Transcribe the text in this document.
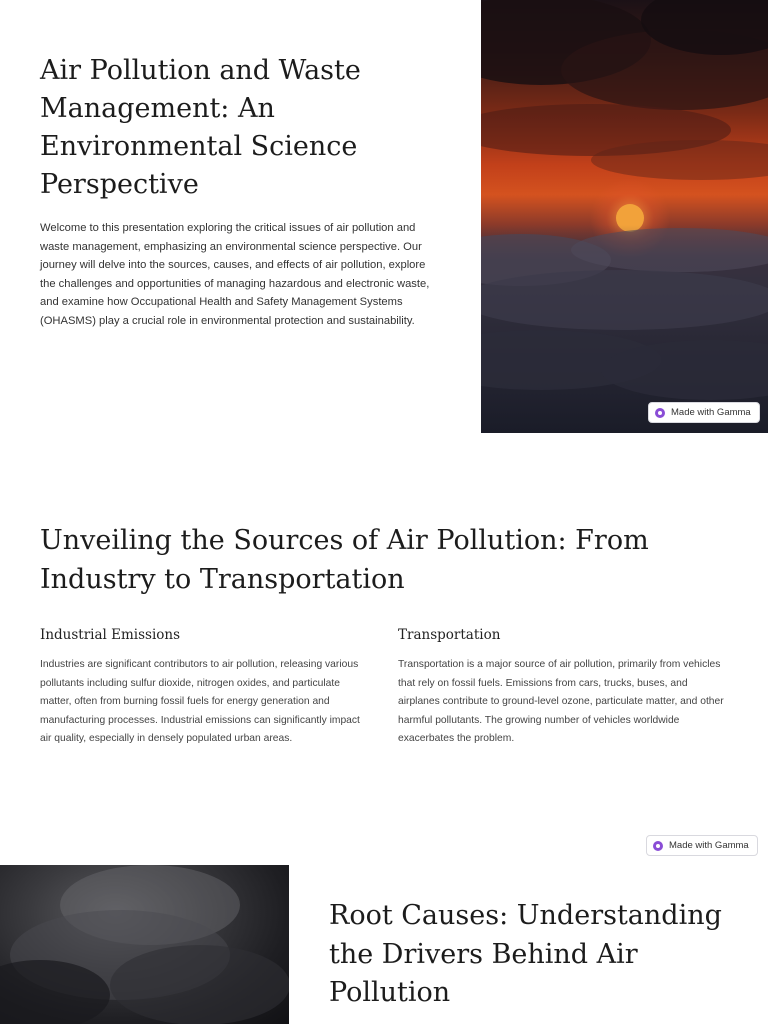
Air Pollution and Waste Management: An Environmental Science Perspective

Welcome to this presentation exploring the critical issues of air pollution and waste management, emphasizing an environmental science perspective. Our journey will delve into the sources, causes, and effects of air pollution, explore the challenges and opportunities of managing hazardous and electronic waste, and examine how Occupational Health and Safety Management Systems (OHASMS) play a crucial role in environmental protection and sustainability.

Made with Gamma
Unveiling the Sources of Air Pollution: From Industry to Transportation
Industrial Emissions

Industries are significant contributors to air pollution, releasing various pollutants including sulfur dioxide, nitrogen oxides, and particulate matter, often from burning fossil fuels for energy generation and manufacturing processes. Industrial emissions can significantly impact air quality, especially in densely populated urban areas.

Transportation

Transportation is a major source of air pollution, primarily from vehicles that rely on fossil fuels. Emissions from cars, trucks, buses, and airplanes contribute to ground-level ozone, particulate matter, and other harmful pollutants. The growing number of vehicles worldwide exacerbates the problem.

Made with Gamma
Root Causes: Understanding the Drivers Behind Air Pollution
